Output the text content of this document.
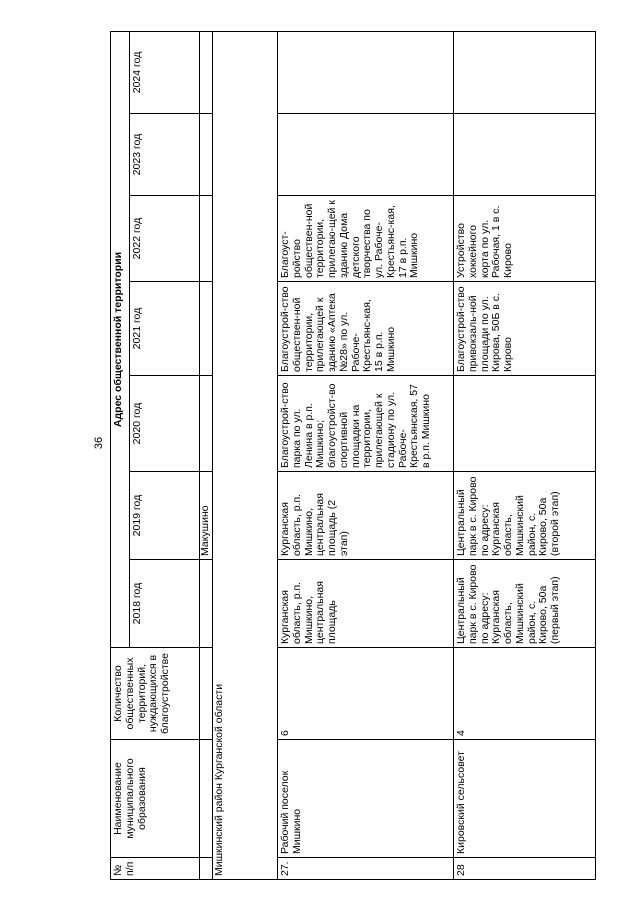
36
№ п/п	Наименование муниципального образования	Количество общественных территорий, нуждающихся в благоустройстве	Адрес общественной территории						
			2018 год	2019 год	2020 год	2021 год	2022 год	2023 год	2024 год
				Макушино					
Мишкинский район Курганской области									
27.	Рабочий поселок Мишкино	6	Курганская область, р.п. Мишкино, центральная площадь	Курганская область, р.п. Мишкино, центральная площадь (2 этап)	Благоустрой-ство парка по ул. Ленина в р.п. Мишкино; благоустройст-во спортивной площадки на территории, прилегающей к стадиону по ул. Рабоче-Крестьянская, 57 в р.п. Мишкино	Благоустрой-ство обществен-ной территории, прилегающей к зданию «Аптека №28» по ул. Рабоче-Крестьянс-кая, 15 в р.п. Мишкино	Благоуст-ройство обществен-ной территории, прилегаю-щей к зданию Дома детского творчества по ул. Рабоче-Крестьянс-кая, 17 в р.п. Мишкино		
28	Кировский сельсовет	4	Центральный парк в с. Кирово по адресу: Курганская область, Мишкинский район, с. Кирово, 50а (первый этап)	Центральный парк в с. Кирово по адресу: Курганская область, Мишкинский район, с. Кирово, 50а (второй этап)		Благоустрой-ство привокзаль-ной площади по ул. Кирова, 50Б в с. Кирово	Устройство хоккейного корта по ул. Рабочая, 1 в с. Кирово		
